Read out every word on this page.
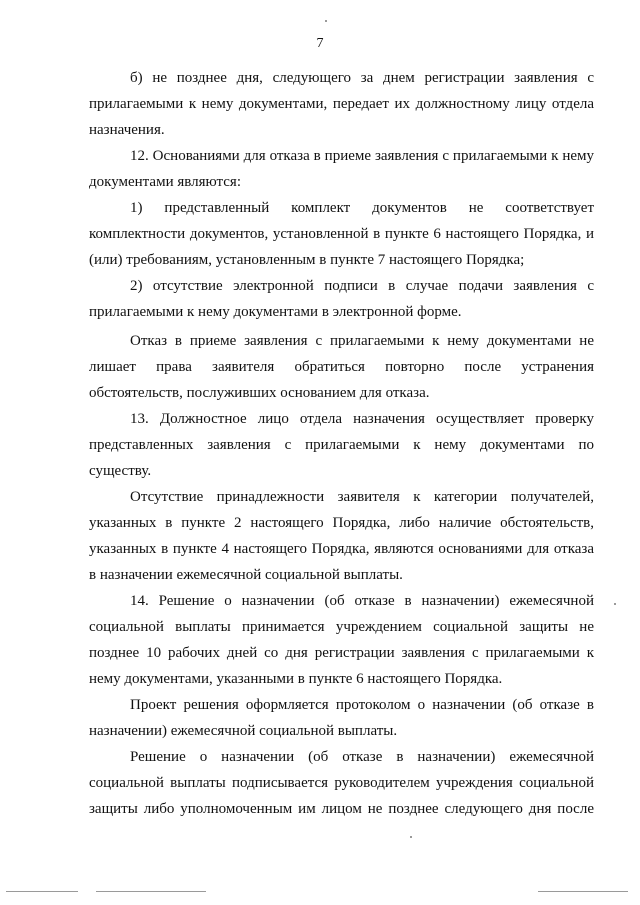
7
б) не позднее дня, следующего за днем регистрации заявления с
прилагаемыми к нему документами, передает их должностному лицу отдела
назначения.
12. Основаниями для отказа в приеме заявления с прилагаемыми к нему
документами являются:
1) представленный комплект документов не соответствует
комплектности документов, установленной в пункте 6 настоящего Порядка, и
(или) требованиям, установленным в пункте 7 настоящего Порядка;
2) отсутствие электронной подписи в случае подачи заявления с
прилагаемыми к нему документами в электронной форме.
Отказ в приеме заявления с прилагаемыми к нему документами не
лишает права заявителя обратиться повторно после устранения
обстоятельств, послуживших основанием для отказа.
13. Должностное лицо отдела назначения осуществляет проверку
представленных заявления с прилагаемыми к нему документами по
существу.
Отсутствие принадлежности заявителя к категории получателей,
указанных в пункте 2 настоящего Порядка, либо наличие обстоятельств,
указанных в пункте 4 настоящего Порядка, являются основаниями для отказа
в назначении ежемесячной социальной выплаты.
14. Решение о назначении (об отказе в назначении) ежемесячной
социальной выплаты принимается учреждением социальной защиты не
позднее 10 рабочих дней со дня регистрации заявления с прилагаемыми к
нему документами, указанными в пункте 6 настоящего Порядка.
Проект решения оформляется протоколом о назначении (об отказе в
назначении) ежемесячной социальной выплаты.
Решение о назначении (об отказе в назначении) ежемесячной
социальной выплаты подписывается руководителем учреждения социальной
защиты либо уполномоченным им лицом не позднее следующего дня после
